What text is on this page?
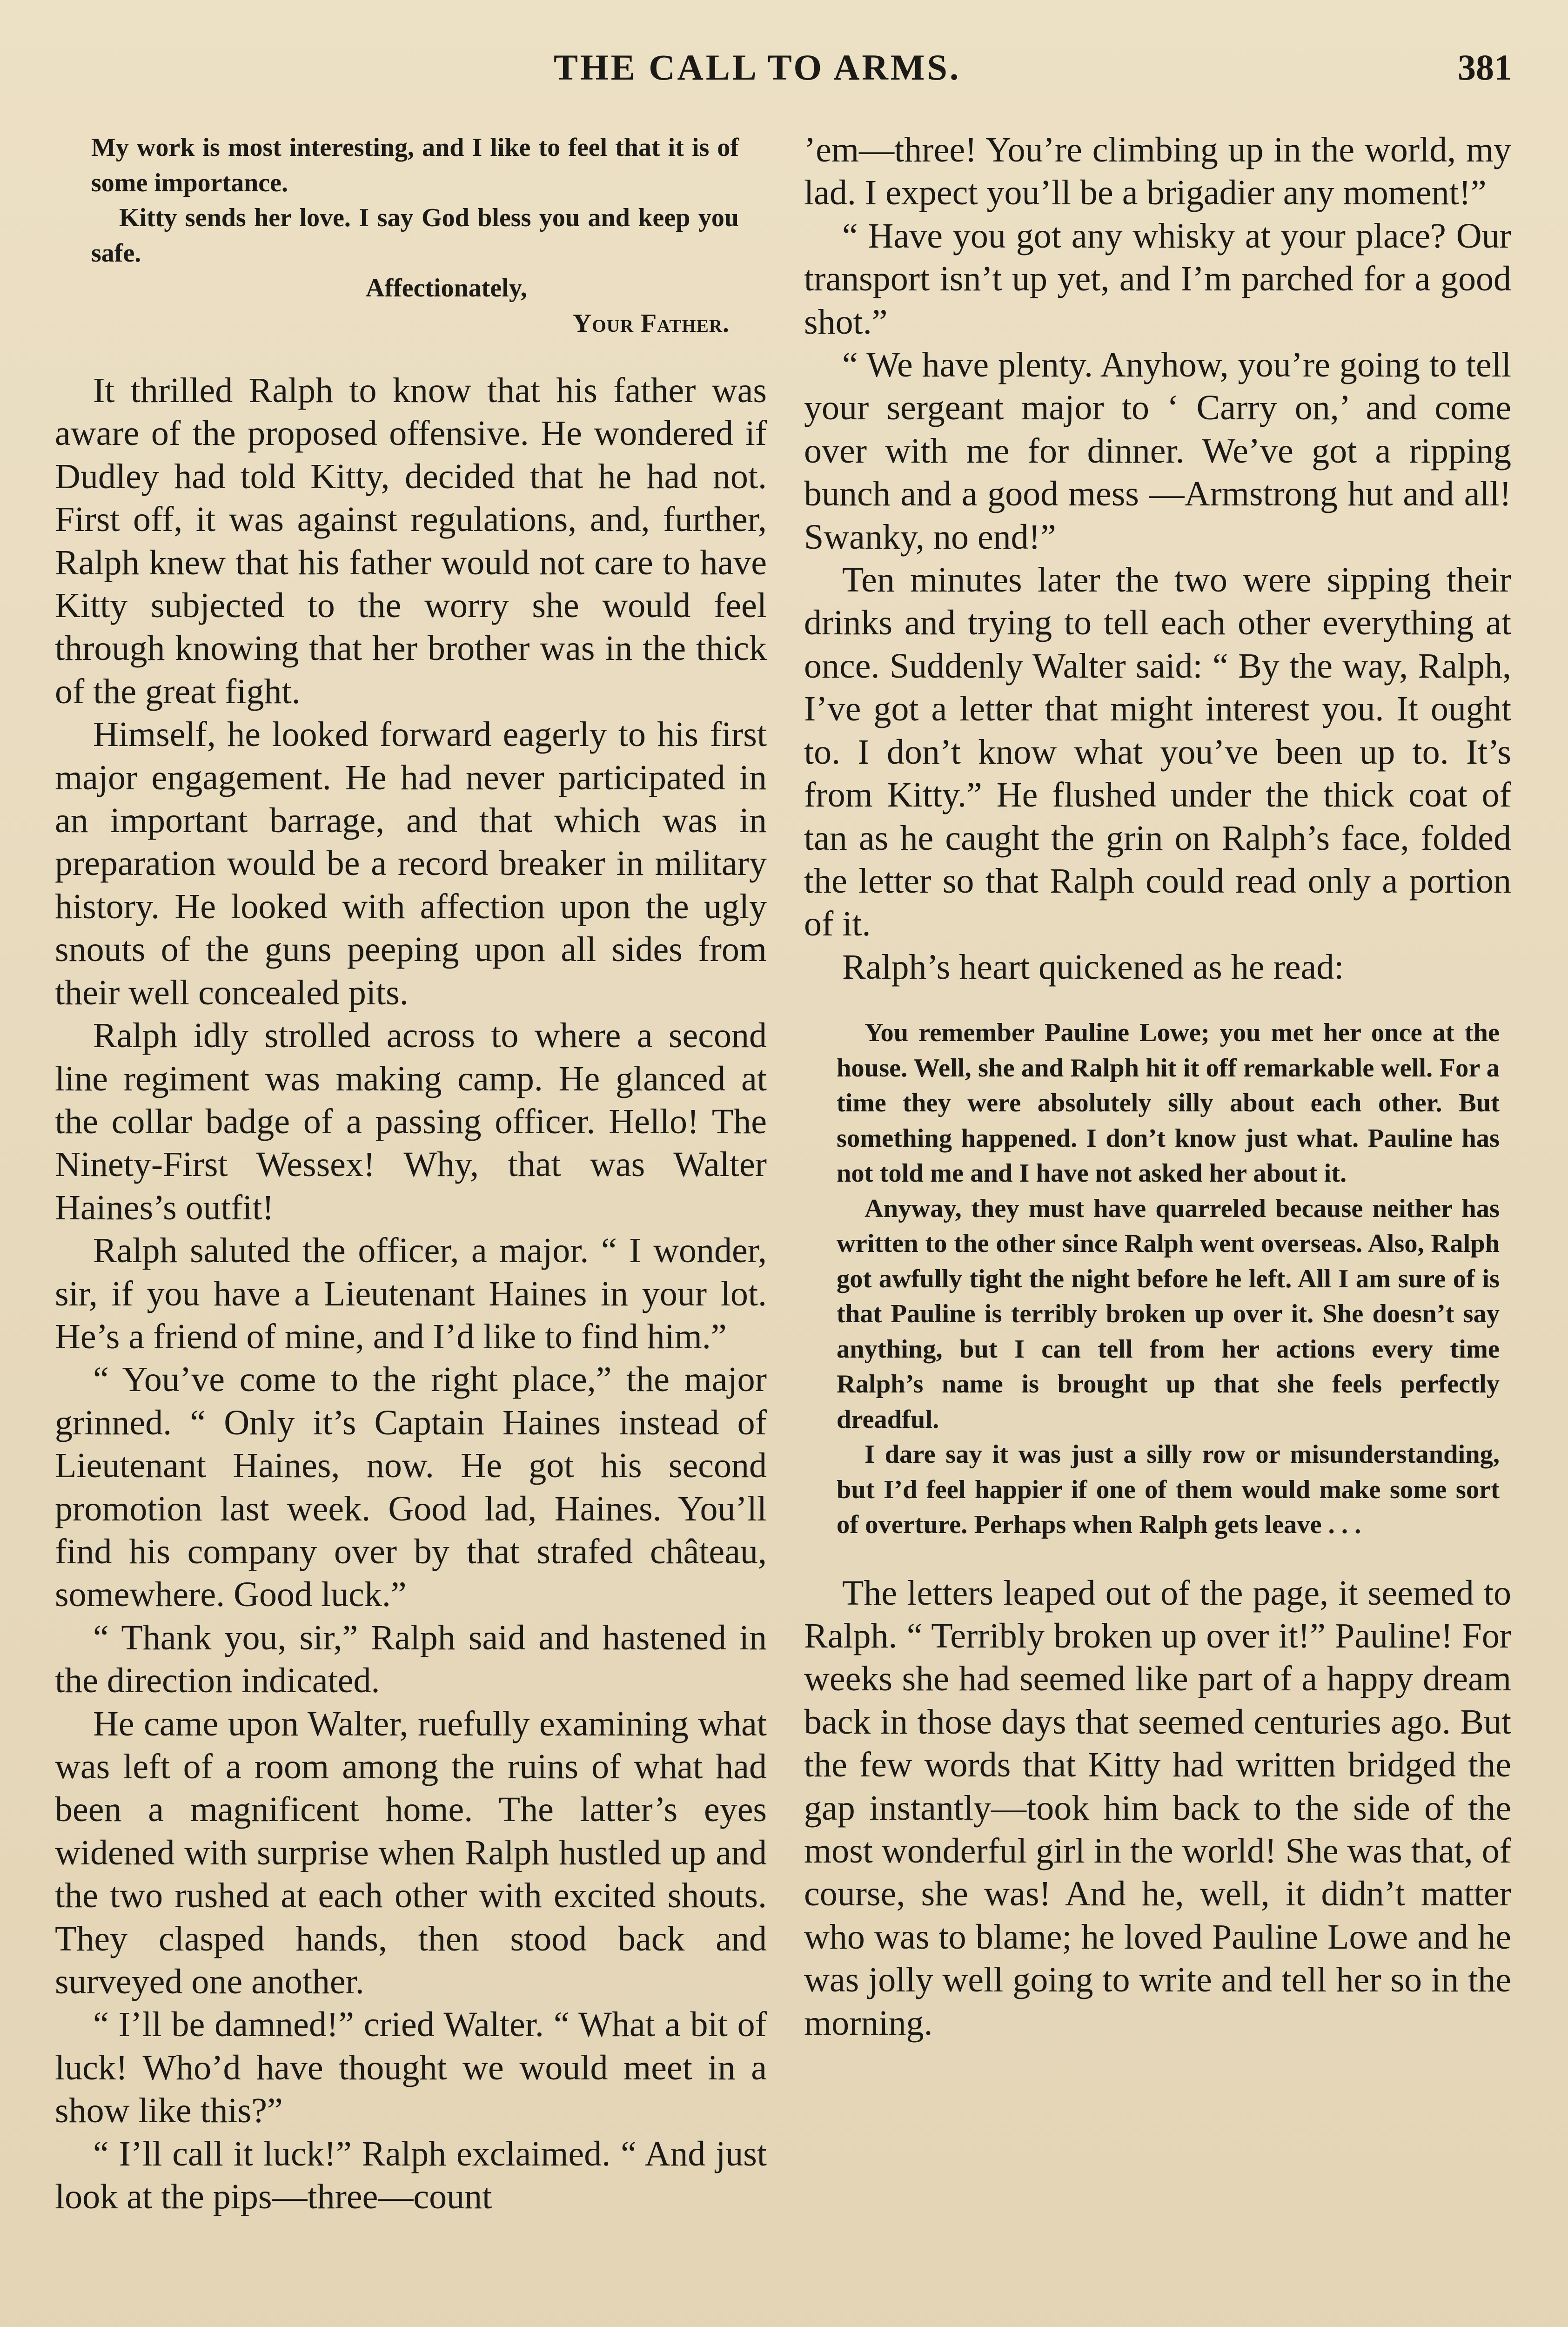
THE CALL TO ARMS.	381

My work is most interesting, and I like to feel that it is of some importance.

Kitty sends her love. I say God bless you and keep you safe.

Affectionately,
Your Father.

It thrilled Ralph to know that his father was aware of the proposed offensive. He wondered if Dudley had told Kitty, decided that he had not. First off, it was against regulations, and, further, Ralph knew that his father would not care to have Kitty subjected to the worry she would feel through knowing that her brother was in the thick of the great fight.

Himself, he looked forward eagerly to his first major engagement. He had never participated in an important barrage, and that which was in preparation would be a record breaker in military history. He looked with affection upon the ugly snouts of the guns peeping upon all sides from their well concealed pits.

Ralph idly strolled across to where a second line regiment was making camp. He glanced at the collar badge of a passing officer. Hello! The Ninety-First Wessex! Why, that was Walter Haines’s outfit!

Ralph saluted the officer, a major. “ I wonder, sir, if you have a Lieutenant Haines in your lot. He’s a friend of mine, and I’d like to find him.”

“ You’ve come to the right place,” the major grinned. “ Only it’s Captain Haines instead of Lieutenant Haines, now. He got his second promotion last week. Good lad, Haines. You’ll find his company over by that strafed château, somewhere. Good luck.”

“ Thank you, sir,” Ralph said and hastened in the direction indicated.

He came upon Walter, ruefully examining what was left of a room among the ruins of what had been a magnificent home. The latter’s eyes widened with surprise when Ralph hustled up and the two rushed at each other with excited shouts. They clasped hands, then stood back and surveyed one another.

“ I’ll be damned!” cried Walter. “ What a bit of luck! Who’d have thought we would meet in a show like this?”

“ I’ll call it luck!” Ralph exclaimed. “ And just look at the pips—three—count

’em—three! You’re climbing up in the world, my lad. I expect you’ll be a brigadier any moment!”

“ Have you got any whisky at your place? Our transport isn’t up yet, and I’m parched for a good shot.”

“ We have plenty. Anyhow, you’re going to tell your sergeant major to ‘ Carry on,’ and come over with me for dinner. We’ve got a ripping bunch and a good mess —Armstrong hut and all! Swanky, no end!”

Ten minutes later the two were sipping their drinks and trying to tell each other everything at once. Suddenly Walter said: “ By the way, Ralph, I’ve got a letter that might interest you. It ought to. I don’t know what you’ve been up to. It’s from Kitty.” He flushed under the thick coat of tan as he caught the grin on Ralph’s face, folded the letter so that Ralph could read only a portion of it.

Ralph’s heart quickened as he read:

You remember Pauline Lowe; you met her once at the house. Well, she and Ralph hit it off remarkable well. For a time they were absolutely silly about each other. But something happened. I don’t know just what. Pauline has not told me and I have not asked her about it.

Anyway, they must have quarreled because neither has written to the other since Ralph went overseas. Also, Ralph got awfully tight the night before he left. All I am sure of is that Pauline is terribly broken up over it. She doesn’t say anything, but I can tell from her actions every time Ralph’s name is brought up that she feels perfectly dreadful.

I dare say it was just a silly row or misunderstanding, but I’d feel happier if one of them would make some sort of overture. Perhaps when Ralph gets leave . . .

The letters leaped out of the page, it seemed to Ralph. “ Terribly broken up over it!” Pauline! For weeks she had seemed like part of a happy dream back in those days that seemed centuries ago. But the few words that Kitty had written bridged the gap instantly—took him back to the side of the most wonderful girl in the world! She was that, of course, she was! And he, well, it didn’t matter who was to blame; he loved Pauline Lowe and he was jolly well going to write and tell her so in the morning.
